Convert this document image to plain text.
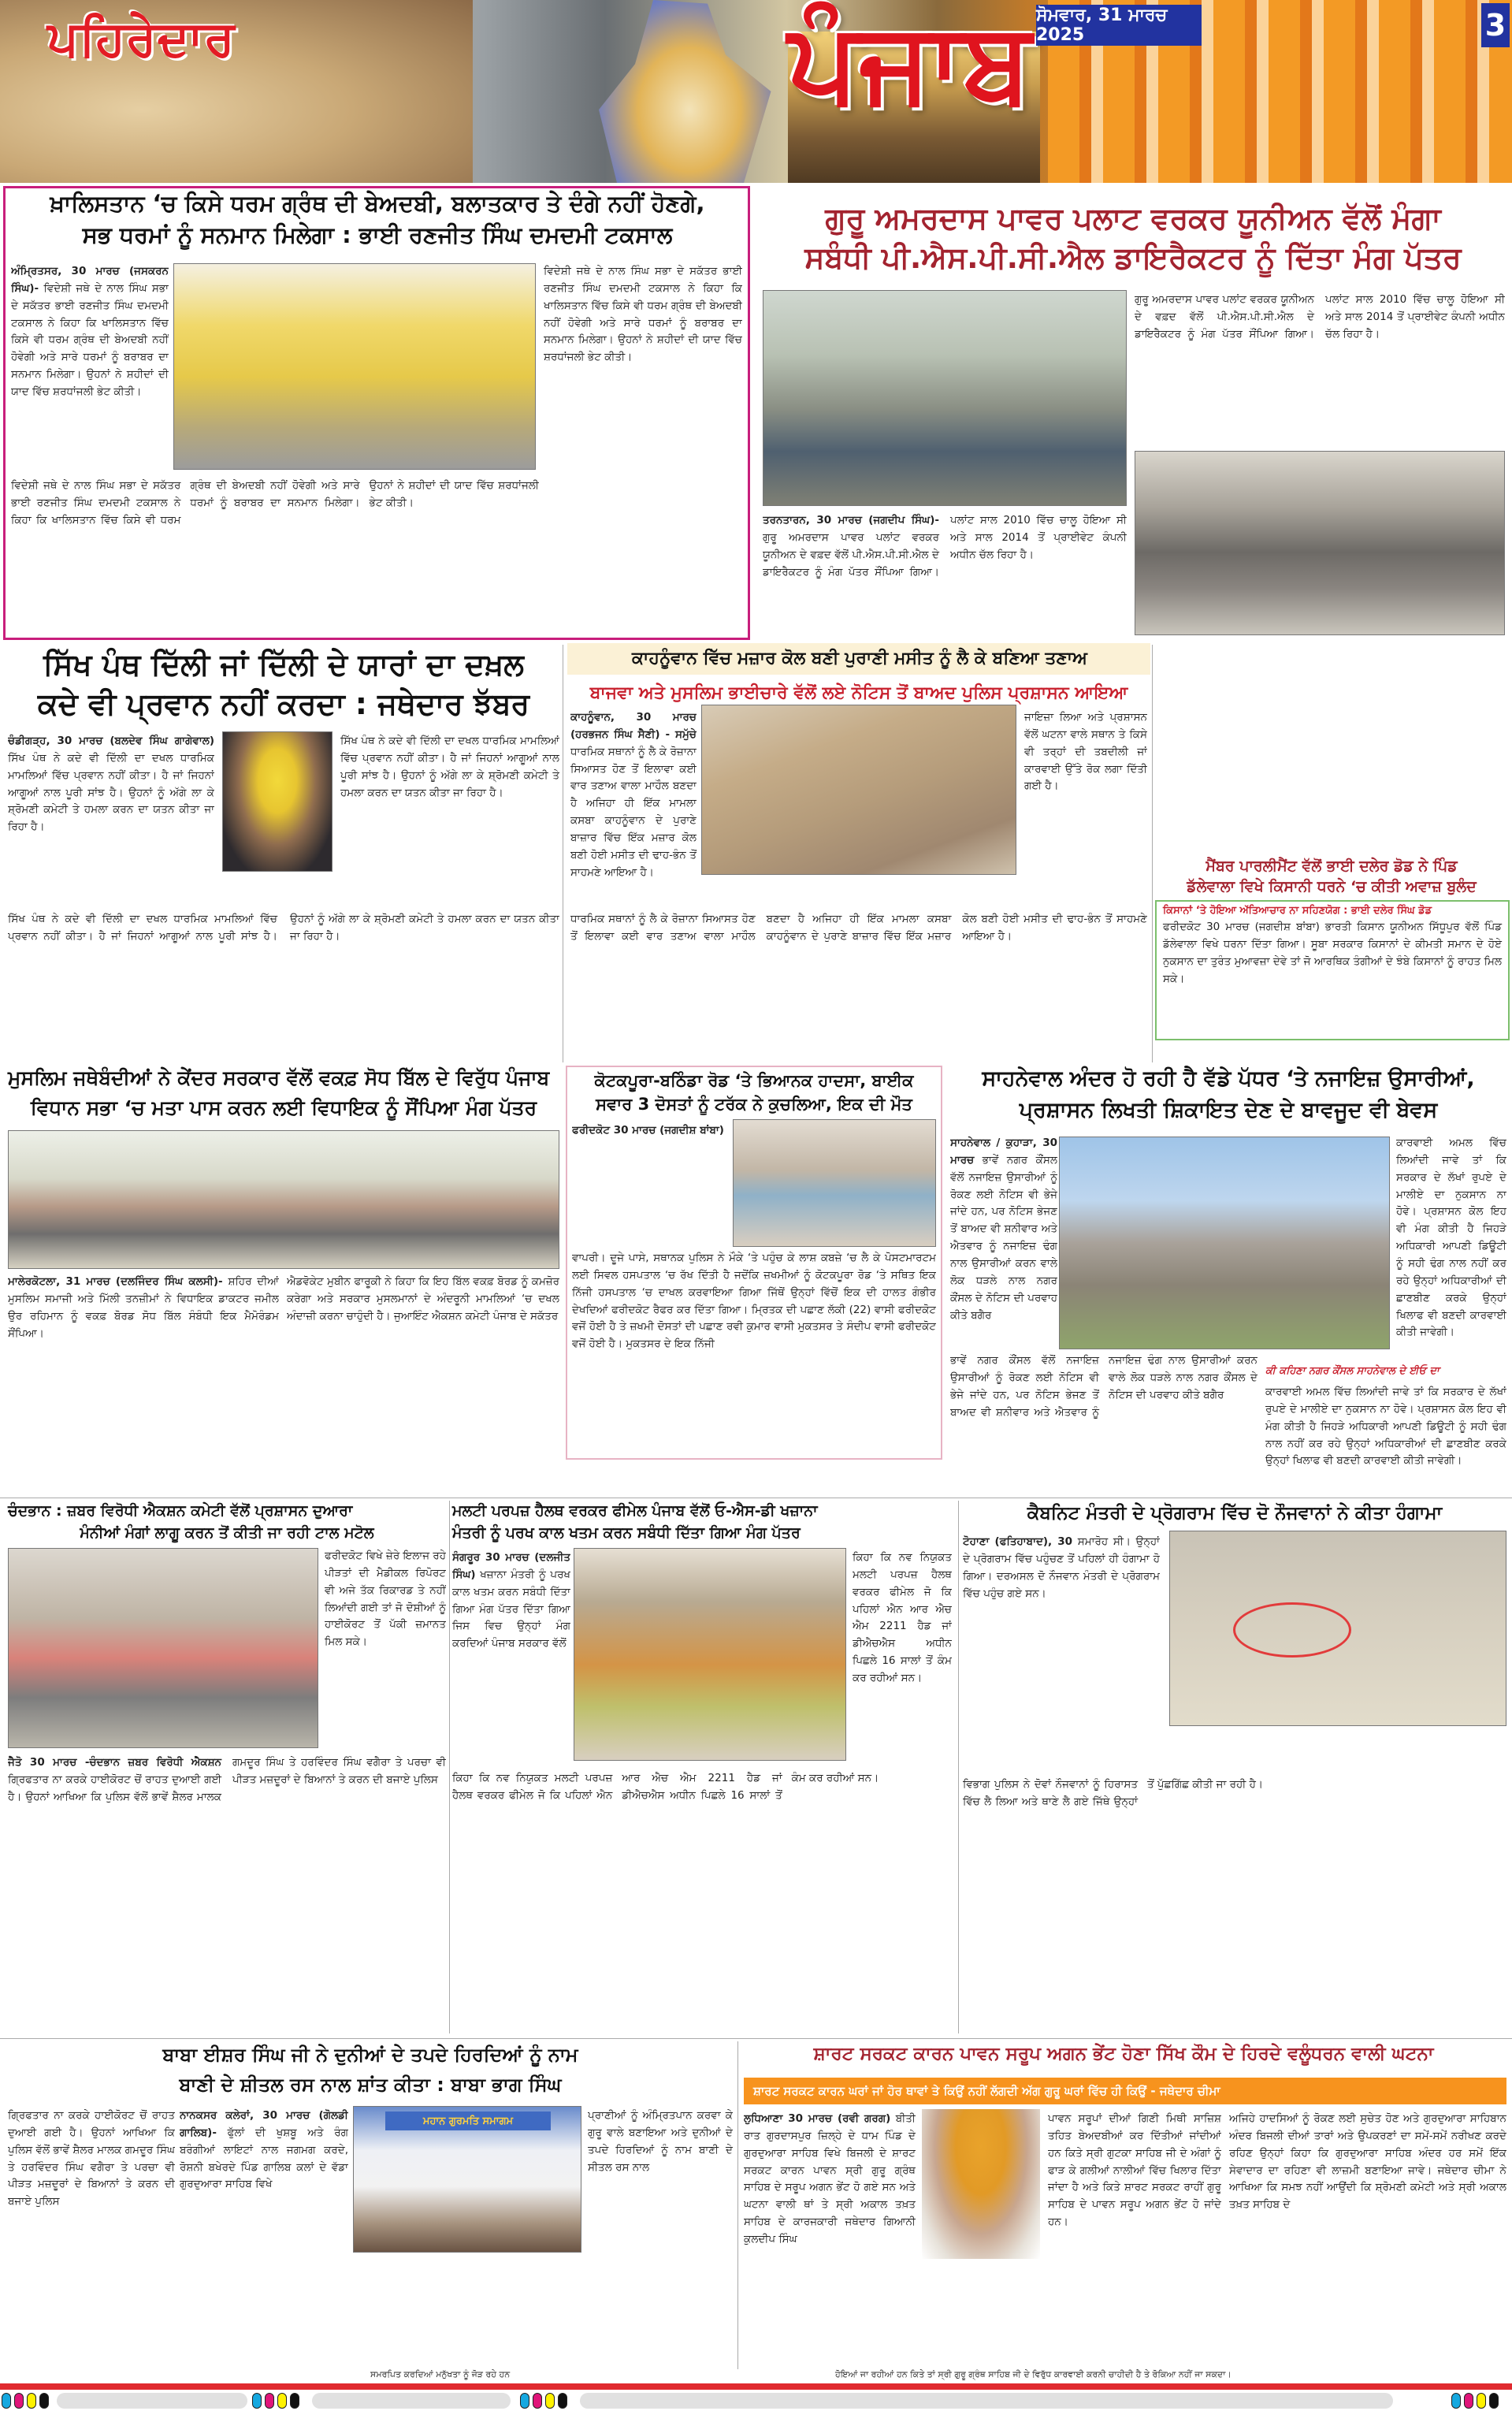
ਪਹਿਰੇਦਾਰ	ਪੰਜਾਬ ਸੋਮਵਾਰ, 31 ਮਾਰਚ 2025	3
ਖ਼ਾਲਿਸਤਾਨ ‘ਚ ਕਿਸੇ ਧਰਮ ਗ੍ਰੰਥ ਦੀ ਬੇਅਦਬੀ, ਬਲਾਤਕਾਰ ਤੇ ਦੰਗੇ ਨਹੀਂ ਹੋਣਗੇ,
ਸਭ ਧਰਮਾਂ ਨੂੰ ਸਨਮਾਨ ਮਿਲੇਗਾ : ਭਾਈ ਰਣਜੀਤ ਸਿੰਘ ਦਮਦਮੀ ਟਕਸਾਲ
ਅੰਮ੍ਰਿਤਸਰ, 30 ਮਾਰਚ (ਜਸਕਰਨ ਸਿੰਘ)- ਵਿਦੇਸ਼ੀ ਜਥੇ ਦੇ ਨਾਲ ਸਿੰਘ ਸਭਾ ਦੇ ਸਕੱਤਰ ਭਾਈ ਰਣਜੀਤ ਸਿੰਘ ਦਮਦਮੀ ਟਕਸਾਲ ਨੇ ਕਿਹਾ ਕਿ ਖਾਲਿਸਤਾਨ ਵਿੱਚ ਕਿਸੇ ਵੀ ਧਰਮ ਗ੍ਰੰਥ ਦੀ ਬੇਅਦਬੀ ਨਹੀਂ ਹੋਵੇਗੀ ਅਤੇ ਸਾਰੇ ਧਰਮਾਂ ਨੂੰ ਬਰਾਬਰ ਦਾ ਸਨਮਾਨ ਮਿਲੇਗਾ। ਉਹਨਾਂ ਨੇ ਸ਼ਹੀਦਾਂ ਦੀ ਯਾਦ ਵਿੱਚ ਸ਼ਰਧਾਂਜਲੀ ਭੇਟ ਕੀਤੀ।
ਵਿਦੇਸ਼ੀ ਜਥੇ ਦੇ ਨਾਲ ਸਿੰਘ ਸਭਾ ਦੇ ਸਕੱਤਰ ਭਾਈ ਰਣਜੀਤ ਸਿੰਘ ਦਮਦਮੀ ਟਕਸਾਲ ਨੇ ਕਿਹਾ ਕਿ ਖਾਲਿਸਤਾਨ ਵਿੱਚ ਕਿਸੇ ਵੀ ਧਰਮ ਗ੍ਰੰਥ ਦੀ ਬੇਅਦਬੀ ਨਹੀਂ ਹੋਵੇਗੀ ਅਤੇ ਸਾਰੇ ਧਰਮਾਂ ਨੂੰ ਬਰਾਬਰ ਦਾ ਸਨਮਾਨ ਮਿਲੇਗਾ। ਉਹਨਾਂ ਨੇ ਸ਼ਹੀਦਾਂ ਦੀ ਯਾਦ ਵਿੱਚ ਸ਼ਰਧਾਂਜਲੀ ਭੇਟ ਕੀਤੀ।
ਵਿਦੇਸ਼ੀ ਜਥੇ ਦੇ ਨਾਲ ਸਿੰਘ ਸਭਾ ਦੇ ਸਕੱਤਰ ਭਾਈ ਰਣਜੀਤ ਸਿੰਘ ਦਮਦਮੀ ਟਕਸਾਲ ਨੇ ਕਿਹਾ ਕਿ ਖਾਲਿਸਤਾਨ ਵਿੱਚ ਕਿਸੇ ਵੀ ਧਰਮ ਗ੍ਰੰਥ ਦੀ ਬੇਅਦਬੀ ਨਹੀਂ ਹੋਵੇਗੀ ਅਤੇ ਸਾਰੇ ਧਰਮਾਂ ਨੂੰ ਬਰਾਬਰ ਦਾ ਸਨਮਾਨ ਮਿਲੇਗਾ। ਉਹਨਾਂ ਨੇ ਸ਼ਹੀਦਾਂ ਦੀ ਯਾਦ ਵਿੱਚ ਸ਼ਰਧਾਂਜਲੀ ਭੇਟ ਕੀਤੀ।
ਗੁਰੂ ਅਮਰਦਾਸ ਪਾਵਰ ਪਲਾਟ ਵਰਕਰ ਯੂਨੀਅਨ ਵੱਲੋਂ ਮੰਗਾ
ਸਬੰਧੀ ਪੀ.ਐਸ.ਪੀ.ਸੀ.ਐਲ ਡਾਇਰੈਕਟਰ ਨੂੰ ਦਿੱਤਾ ਮੰਗ ਪੱਤਰ
ਗੁਰੂ ਅਮਰਦਾਸ ਪਾਵਰ ਪਲਾਂਟ ਵਰਕਰ ਯੂਨੀਅਨ ਦੇ ਵਫ਼ਦ ਵੱਲੋਂ ਪੀ.ਐਸ.ਪੀ.ਸੀ.ਐਲ ਦੇ ਡਾਇਰੈਕਟਰ ਨੂੰ ਮੰਗ ਪੱਤਰ ਸੌਂਪਿਆ ਗਿਆ। ਪਲਾਂਟ ਸਾਲ 2010 ਵਿੱਚ ਚਾਲੂ ਹੋਇਆ ਸੀ ਅਤੇ ਸਾਲ 2014 ਤੋਂ ਪ੍ਰਾਈਵੇਟ ਕੰਪਨੀ ਅਧੀਨ ਚੱਲ ਰਿਹਾ ਹੈ।
ਤਰਨਤਾਰਨ, 30 ਮਾਰਚ (ਜਗਦੀਪ ਸਿੰਘ)- ਗੁਰੂ ਅਮਰਦਾਸ ਪਾਵਰ ਪਲਾਂਟ ਵਰਕਰ ਯੂਨੀਅਨ ਦੇ ਵਫ਼ਦ ਵੱਲੋਂ ਪੀ.ਐਸ.ਪੀ.ਸੀ.ਐਲ ਦੇ ਡਾਇਰੈਕਟਰ ਨੂੰ ਮੰਗ ਪੱਤਰ ਸੌਂਪਿਆ ਗਿਆ। ਪਲਾਂਟ ਸਾਲ 2010 ਵਿੱਚ ਚਾਲੂ ਹੋਇਆ ਸੀ ਅਤੇ ਸਾਲ 2014 ਤੋਂ ਪ੍ਰਾਈਵੇਟ ਕੰਪਨੀ ਅਧੀਨ ਚੱਲ ਰਿਹਾ ਹੈ।
ਸਿੱਖ ਪੰਥ ਦਿੱਲੀ ਜਾਂ ਦਿੱਲੀ ਦੇ ਯਾਰਾਂ ਦਾ ਦਖ਼ਲ
ਕਦੇ ਵੀ ਪ੍ਰਵਾਨ ਨਹੀਂ ਕਰਦਾ : ਜਥੇਦਾਰ ਝੱਬਰ
ਚੰਡੀਗੜ੍ਹ, 30 ਮਾਰਚ (ਬਲਦੇਵ ਸਿੰਘ ਗਾਗੇਵਾਲ) ਸਿੱਖ ਪੰਥ ਨੇ ਕਦੇ ਵੀ ਦਿੱਲੀ ਦਾ ਦਖਲ ਧਾਰਮਿਕ ਮਾਮਲਿਆਂ ਵਿੱਚ ਪ੍ਰਵਾਨ ਨਹੀਂ ਕੀਤਾ। ਹੈ ਜਾਂ ਜਿਹਨਾਂ ਆਗੂਆਂ ਨਾਲ ਪੂਰੀ ਸਾਂਝ ਹੈ। ਉਹਨਾਂ ਨੂੰ ਅੱਗੇ ਲਾ ਕੇ ਸ਼੍ਰੋਮਣੀ ਕਮੇਟੀ ਤੇ ਹਮਲਾ ਕਰਨ ਦਾ ਯਤਨ ਕੀਤਾ ਜਾ ਰਿਹਾ ਹੈ।
ਸਿੱਖ ਪੰਥ ਨੇ ਕਦੇ ਵੀ ਦਿੱਲੀ ਦਾ ਦਖਲ ਧਾਰਮਿਕ ਮਾਮਲਿਆਂ ਵਿੱਚ ਪ੍ਰਵਾਨ ਨਹੀਂ ਕੀਤਾ। ਹੈ ਜਾਂ ਜਿਹਨਾਂ ਆਗੂਆਂ ਨਾਲ ਪੂਰੀ ਸਾਂਝ ਹੈ। ਉਹਨਾਂ ਨੂੰ ਅੱਗੇ ਲਾ ਕੇ ਸ਼੍ਰੋਮਣੀ ਕਮੇਟੀ ਤੇ ਹਮਲਾ ਕਰਨ ਦਾ ਯਤਨ ਕੀਤਾ ਜਾ ਰਿਹਾ ਹੈ।
ਸਿੱਖ ਪੰਥ ਨੇ ਕਦੇ ਵੀ ਦਿੱਲੀ ਦਾ ਦਖਲ ਧਾਰਮਿਕ ਮਾਮਲਿਆਂ ਵਿੱਚ ਪ੍ਰਵਾਨ ਨਹੀਂ ਕੀਤਾ। ਹੈ ਜਾਂ ਜਿਹਨਾਂ ਆਗੂਆਂ ਨਾਲ ਪੂਰੀ ਸਾਂਝ ਹੈ। ਉਹਨਾਂ ਨੂੰ ਅੱਗੇ ਲਾ ਕੇ ਸ਼੍ਰੋਮਣੀ ਕਮੇਟੀ ਤੇ ਹਮਲਾ ਕਰਨ ਦਾ ਯਤਨ ਕੀਤਾ ਜਾ ਰਿਹਾ ਹੈ।
ਕਾਹਨੂੰਵਾਨ ਵਿੱਚ ਮਜ਼ਾਰ ਕੋਲ ਬਣੀ ਪੁਰਾਣੀ ਮਸੀਤ ਨੂੰ ਲੈ ਕੇ ਬਣਿਆ ਤਣਾਅ
ਬਾਜਵਾ ਅਤੇ ਮੁਸਲਿਮ ਭਾਈਚਾਰੇ ਵੱਲੋਂ ਲਏ ਨੋਟਿਸ ਤੋਂ ਬਾਅਦ ਪੁਲਿਸ ਪ੍ਰਸ਼ਾਸਨ ਆਇਆ
ਕਾਹਨੂੰਵਾਨ, 30 ਮਾਰਚ (ਹਰਭਜਨ ਸਿੰਘ ਸੈਣੀ) - ਸਮੁੱਚੇ ਧਾਰਮਿਕ ਸਥਾਨਾਂ ਨੂੰ ਲੈ ਕੇ ਰੋਜ਼ਾਨਾ ਸਿਆਸਤ ਹੋਣ ਤੋਂ ਇਲਾਵਾ ਕਈ ਵਾਰ ਤਣਾਅ ਵਾਲਾ ਮਾਹੌਲ ਬਣਦਾ ਹੈ ਅਜਿਹਾ ਹੀ ਇੱਕ ਮਾਮਲਾ ਕਸਬਾ ਕਾਹਨੂੰਵਾਨ ਦੇ ਪੁਰਾਣੇ ਬਾਜ਼ਾਰ ਵਿੱਚ ਇੱਕ ਮਜ਼ਾਰ ਕੋਲ ਬਣੀ ਹੋਈ ਮਸੀਤ ਦੀ ਢਾਹ-ਭੰਨ ਤੋਂ ਸਾਹਮਣੇ ਆਇਆ ਹੈ।
ਜਾਇਜ਼ਾ ਲਿਆ ਅਤੇ ਪ੍ਰਸ਼ਾਸਨ ਵੱਲੋਂ ਘਟਨਾ ਵਾਲੇ ਸਥਾਨ ਤੇ ਕਿਸੇ ਵੀ ਤਰ੍ਹਾਂ ਦੀ ਤਬਦੀਲੀ ਜਾਂ ਕਾਰਵਾਈ ਉੱਤੇ ਰੋਕ ਲਗਾ ਦਿੱਤੀ ਗਈ ਹੈ।
ਧਾਰਮਿਕ ਸਥਾਨਾਂ ਨੂੰ ਲੈ ਕੇ ਰੋਜ਼ਾਨਾ ਸਿਆਸਤ ਹੋਣ ਤੋਂ ਇਲਾਵਾ ਕਈ ਵਾਰ ਤਣਾਅ ਵਾਲਾ ਮਾਹੌਲ ਬਣਦਾ ਹੈ ਅਜਿਹਾ ਹੀ ਇੱਕ ਮਾਮਲਾ ਕਸਬਾ ਕਾਹਨੂੰਵਾਨ ਦੇ ਪੁਰਾਣੇ ਬਾਜ਼ਾਰ ਵਿੱਚ ਇੱਕ ਮਜ਼ਾਰ ਕੋਲ ਬਣੀ ਹੋਈ ਮਸੀਤ ਦੀ ਢਾਹ-ਭੰਨ ਤੋਂ ਸਾਹਮਣੇ ਆਇਆ ਹੈ।
ਮੈਂਬਰ ਪਾਰਲੀਮੈਂਟ ਵੱਲੋਂ ਭਾਈ ਦਲੇਰ ਡੋਡ ਨੇ ਪਿੰਡ
ਡੱਲੇਵਾਲਾ ਵਿਖੇ ਕਿਸਾਨੀ ਧਰਨੇ ‘ਚ ਕੀਤੀ ਅਵਾਜ਼ ਬੁਲੰਦ
ਕਿਸਾਨਾਂ ‘ਤੇ ਹੋਇਆ ਅੱਤਿਆਚਾਰ ਨਾ ਸਹਿਣਯੋਗ : ਭਾਈ ਦਲੇਰ ਸਿੰਘ ਡੋਡ
ਫਰੀਦਕੋਟ 30 ਮਾਰਚ (ਜਗਦੀਸ਼ ਬਾਂਬਾ) ਭਾਰਤੀ ਕਿਸਾਨ ਯੂਨੀਅਨ ਸਿੱਧੂਪੁਰ ਵੱਲੋਂ ਪਿੰਡ ਡੱਲੇਵਾਲਾ ਵਿਖੇ ਧਰਨਾ ਦਿੱਤਾ ਗਿਆ। ਸੂਬਾ ਸਰਕਾਰ ਕਿਸਾਨਾਂ ਦੇ ਕੀਮਤੀ ਸਮਾਨ ਦੇ ਹੋਏ ਨੁਕਸਾਨ ਦਾ ਤੁਰੰਤ ਮੁਆਵਜ਼ਾ ਦੇਵੇ ਤਾਂ ਜੋ ਆਰਥਿਕ ਤੰਗੀਆਂ ਦੇ ਝੰਬੇ ਕਿਸਾਨਾਂ ਨੂੰ ਰਾਹਤ ਮਿਲ ਸਕੇ।
ਮੁਸਲਿਮ ਜਥੇਬੰਦੀਆਂ ਨੇ ਕੇਂਦਰ ਸਰਕਾਰ ਵੱਲੋਂ ਵਕਫ਼ ਸੋਧ ਬਿੱਲ ਦੇ ਵਿਰੁੱਧ ਪੰਜਾਬ
ਵਿਧਾਨ ਸਭਾ ‘ਚ ਮਤਾ ਪਾਸ ਕਰਨ ਲਈ ਵਿਧਾਇਕ ਨੂੰ ਸੌਂਪਿਆ ਮੰਗ ਪੱਤਰ
ਮਾਲੇਰਕੋਟਲਾ, 31 ਮਾਰਚ (ਦਲਜਿੰਦਰ ਸਿੰਘ ਕਲਸੀ)- ਸ਼ਹਿਰ ਦੀਆਂ ਮੁਸਲਿਮ ਸਮਾਜੀ ਅਤੇ ਮਿੱਲੀ ਤਨਜ਼ੀਮਾਂ ਨੇ ਵਿਧਾਇਕ ਡਾਕਟਰ ਜਮੀਲ ਉਰ ਰਹਿਮਾਨ ਨੂੰ ਵਕਫ਼ ਬੋਰਡ ਸੋਧ ਬਿੱਲ ਸੰਬੰਧੀ ਇਕ ਮੈਮੋਰੰਡਮ ਸੌਂਪਿਆ।
ਐਡਵੋਕੇਟ ਮੁਬੀਨ ਫਾਰੂਕੀ ਨੇ ਕਿਹਾ ਕਿ ਇਹ ਬਿੱਲ ਵਕਫ਼ ਬੋਰਡ ਨੂੰ ਕਮਜ਼ੋਰ ਕਰੇਗਾ ਅਤੇ ਸਰਕਾਰ ਮੁਸਲਮਾਨਾਂ ਦੇ ਅੰਦਰੂਨੀ ਮਾਮਲਿਆਂ ‘ਚ ਦਖਲ ਅੰਦਾਜ਼ੀ ਕਰਨਾ ਚਾਹੁੰਦੀ ਹੈ। ਜੁਆਇੰਟ ਐਕਸ਼ਨ ਕਮੇਟੀ ਪੰਜਾਬ ਦੇ ਸਕੱਤਰ
ਕੋਟਕਪੂਰਾ-ਬਠਿੰਡਾ ਰੋਡ ‘ਤੇ ਭਿਆਨਕ ਹਾਦਸਾ, ਬਾਈਕ
ਸਵਾਰ 3 ਦੋਸਤਾਂ ਨੂੰ ਟਰੱਕ ਨੇ ਕੁਚਲਿਆ, ਇਕ ਦੀ ਮੌਤ
ਫਰੀਦਕੋਟ 30 ਮਾਰਚ (ਜਗਦੀਸ਼ ਬਾਂਬਾ)
ਵਾਪਰੀ। ਦੂਜੇ ਪਾਸੇ, ਸਥਾਨਕ ਪੁਲਿਸ ਨੇ ਮੌਕੇ ‘ਤੇ ਪਹੁੰਚ ਕੇ ਲਾਸ਼ ਕਬਜ਼ੇ ‘ਚ ਲੈ ਕੇ ਪੋਸਟਮਾਰਟਮ ਲਈ ਸਿਵਲ ਹਸਪਤਾਲ ‘ਚ ਰੱਖ ਦਿੱਤੀ ਹੈ ਜਦੋਂਕਿ ਜ਼ਖਮੀਆਂ ਨੂੰ ਕੋਟਕਪੂਰਾ ਰੋਡ ‘ਤੇ ਸਥਿਤ ਇਕ ਨਿੱਜੀ ਹਸਪਤਾਲ ‘ਚ ਦਾਖਲ ਕਰਵਾਇਆ ਗਿਆ ਜਿੱਥੋਂ ਉਨ੍ਹਾਂ ਵਿੱਚੋਂ ਇਕ ਦੀ ਹਾਲਤ ਗੰਭੀਰ ਦੇਖਦਿਆਂ ਫਰੀਦਕੋਟ ਰੈਫਰ ਕਰ ਦਿੱਤਾ ਗਿਆ। ਮ੍ਰਿਤਕ ਦੀ ਪਛਾਣ ਲੱਕੀ (22) ਵਾਸੀ ਫਰੀਦਕੋਟ ਵਜੋਂ ਹੋਈ ਹੈ ਤੇ ਜ਼ਖਮੀ ਦੋਸਤਾਂ ਦੀ ਪਛਾਣ ਰਵੀ ਕੁਮਾਰ ਵਾਸੀ ਮੁਕਤਸਰ ਤੇ ਸੰਦੀਪ ਵਾਸੀ ਫਰੀਦਕੋਟ ਵਜੋਂ ਹੋਈ ਹੈ। ਮੁਕਤਸਰ ਦੇ ਇਕ ਨਿੱਜੀ
ਸਾਹਨੇਵਾਲ ਅੰਦਰ ਹੋ ਰਹੀ ਹੈ ਵੱਡੇ ਪੱਧਰ ‘ਤੇ ਨਜਾਇਜ਼ ਉਸਾਰੀਆਂ,
ਪ੍ਰਸ਼ਾਸਨ ਲਿਖਤੀ ਸ਼ਿਕਾਇਤ ਦੇਣ ਦੇ ਬਾਵਜੂਦ ਵੀ ਬੇਵਸ
ਸਾਹਨੇਵਾਲ / ਕੁਹਾੜਾ, 30 ਮਾਰਚ ਭਾਵੇਂ ਨਗਰ ਕੌਂਸਲ ਵੱਲੋਂ ਨਜਾਇਜ਼ ਉਸਾਰੀਆਂ ਨੂੰ ਰੋਕਣ ਲਈ ਨੋਟਿਸ ਵੀ ਭੇਜੇ ਜਾਂਦੇ ਹਨ, ਪਰ ਨੋਟਿਸ ਭੇਜਣ ਤੋਂ ਬਾਅਦ ਵੀ ਸ਼ਨੀਵਾਰ ਅਤੇ ਐਤਵਾਰ ਨੂੰ ਨਜਾਇਜ਼ ਢੰਗ ਨਾਲ ਉਸਾਰੀਆਂ ਕਰਨ ਵਾਲੇ ਲੋਕ ਧੜਲੇ ਨਾਲ ਨਗਰ ਕੌਂਸਲ ਦੇ ਨੋਟਿਸ ਦੀ ਪਰਵਾਹ ਕੀਤੇ ਬਗੈਰ
ਕਾਰਵਾਈ ਅਮਲ ਵਿੱਚ ਲਿਆਂਦੀ ਜਾਵੇ ਤਾਂ ਕਿ ਸਰਕਾਰ ਦੇ ਲੱਖਾਂ ਰੁਪਏ ਦੇ ਮਾਲੀਏ ਦਾ ਨੁਕਸਾਨ ਨਾ ਹੋਵੇ। ਪ੍ਰਸ਼ਾਸਨ ਕੋਲ ਇਹ ਵੀ ਮੰਗ ਕੀਤੀ ਹੈ ਜਿਹੜੇ ਅਧਿਕਾਰੀ ਆਪਣੀ ਡਿਊਟੀ ਨੂੰ ਸਹੀ ਢੰਗ ਨਾਲ ਨਹੀਂ ਕਰ ਰਹੇ ਉਨ੍ਹਾਂ ਅਧਿਕਾਰੀਆਂ ਦੀ ਛਾਣਬੀਣ ਕਰਕੇ ਉਨ੍ਹਾਂ ਖਿਲਾਫ ਵੀ ਬਣਦੀ ਕਾਰਵਾਈ ਕੀਤੀ ਜਾਵੇਗੀ।
ਭਾਵੇਂ ਨਗਰ ਕੌਂਸਲ ਵੱਲੋਂ ਨਜਾਇਜ਼ ਉਸਾਰੀਆਂ ਨੂੰ ਰੋਕਣ ਲਈ ਨੋਟਿਸ ਵੀ ਭੇਜੇ ਜਾਂਦੇ ਹਨ, ਪਰ ਨੋਟਿਸ ਭੇਜਣ ਤੋਂ ਬਾਅਦ ਵੀ ਸ਼ਨੀਵਾਰ ਅਤੇ ਐਤਵਾਰ ਨੂੰ ਨਜਾਇਜ਼ ਢੰਗ ਨਾਲ ਉਸਾਰੀਆਂ ਕਰਨ ਵਾਲੇ ਲੋਕ ਧੜਲੇ ਨਾਲ ਨਗਰ ਕੌਂਸਲ ਦੇ ਨੋਟਿਸ ਦੀ ਪਰਵਾਹ ਕੀਤੇ ਬਗੈਰ
ਕੀ ਕਹਿਣਾ ਨਗਰ ਕੌਂਸਲ ਸਾਹਨੇਵਾਲ ਦੇ ਈਓ ਦਾ
ਕਾਰਵਾਈ ਅਮਲ ਵਿੱਚ ਲਿਆਂਦੀ ਜਾਵੇ ਤਾਂ ਕਿ ਸਰਕਾਰ ਦੇ ਲੱਖਾਂ ਰੁਪਏ ਦੇ ਮਾਲੀਏ ਦਾ ਨੁਕਸਾਨ ਨਾ ਹੋਵੇ। ਪ੍ਰਸ਼ਾਸਨ ਕੋਲ ਇਹ ਵੀ ਮੰਗ ਕੀਤੀ ਹੈ ਜਿਹੜੇ ਅਧਿਕਾਰੀ ਆਪਣੀ ਡਿਊਟੀ ਨੂੰ ਸਹੀ ਢੰਗ ਨਾਲ ਨਹੀਂ ਕਰ ਰਹੇ ਉਨ੍ਹਾਂ ਅਧਿਕਾਰੀਆਂ ਦੀ ਛਾਣਬੀਣ ਕਰਕੇ ਉਨ੍ਹਾਂ ਖਿਲਾਫ ਵੀ ਬਣਦੀ ਕਾਰਵਾਈ ਕੀਤੀ ਜਾਵੇਗੀ।
ਚੰਦਭਾਨ : ਜ਼ਬਰ ਵਿਰੋਧੀ ਐਕਸ਼ਨ ਕਮੇਟੀ ਵੱਲੋਂ ਪ੍ਰਸ਼ਾਸਨ ਦੁਆਰਾ
ਮੰਨੀਆਂ ਮੰਗਾਂ ਲਾਗੂ ਕਰਨ ਤੋਂ ਕੀਤੀ ਜਾ ਰਹੀ ਟਾਲ ਮਟੋਲ
ਫਰੀਦਕੋਟ ਵਿਖੇ ਜ਼ੇਰੇ ਇਲਾਜ ਰਹੇ ਪੀੜਤਾਂ ਦੀ ਮੈਡੀਕਲ ਰਿਪੋਰਟ ਵੀ ਅਜੇ ਤੱਕ ਰਿਕਾਰਡ ਤੇ ਨਹੀਂ ਲਿਆਂਦੀ ਗਈ ਤਾਂ ਜੋ ਦੋਸ਼ੀਆਂ ਨੂੰ ਹਾਈਕੋਰਟ ਤੋਂ ਪੱਕੀ ਜ਼ਮਾਨਤ ਮਿਲ ਸਕੇ।
ਜੈਤੋ 30 ਮਾਰਚ -ਚੰਦਭਾਨ ਜ਼ਬਰ ਵਿਰੋਧੀ ਐਕਸ਼ਨ ਗ੍ਰਿਫਤਾਰ ਨਾ ਕਰਕੇ ਹਾਈਕੋਰਟ ਚੋਂ ਰਾਹਤ ਦੁਆਈ ਗਈ ਹੈ। ਉਹਨਾਂ ਆਖਿਆ ਕਿ ਪੁਲਿਸ ਵੱਲੋਂ ਭਾਵੇਂ ਸ਼ੈਲਰ ਮਾਲਕ ਗਮਦੂਰ ਸਿੰਘ ਤੇ ਹਰਵਿੰਦਰ ਸਿੰਘ ਵਗੈਰਾ ਤੇ ਪਰਚਾ ਵੀ ਪੀੜਤ ਮਜ਼ਦੂਰਾਂ ਦੇ ਬਿਆਨਾਂ ਤੇ ਕਰਨ ਦੀ ਬਜਾਏ ਪੁਲਿਸ
ਮਲਟੀ ਪਰਪਜ਼ ਹੈਲਥ ਵਰਕਰ ਫੀਮੇਲ ਪੰਜਾਬ ਵੱਲੋਂ ਓ-ਐਸ-ਡੀ ਖਜ਼ਾਨਾ
ਮੰਤਰੀ ਨੂੰ ਪਰਖ ਕਾਲ ਖਤਮ ਕਰਨ ਸਬੰਧੀ ਦਿੱਤਾ ਗਿਆ ਮੰਗ ਪੱਤਰ
ਸੰਗਰੂਰ 30 ਮਾਰਚ (ਦਲਜੀਤ ਸਿੰਘ) ਖਜ਼ਾਨਾ ਮੰਤਰੀ ਨੂੰ ਪਰਖ ਕਾਲ ਖਤਮ ਕਰਨ ਸਬੰਧੀ ਦਿੱਤਾ ਗਿਆ ਮੰਗ ਪੱਤਰ ਦਿੱਤਾ ਗਿਆ ਜਿਸ ਵਿਚ ਉਨ੍ਹਾਂ ਮੰਗ ਕਰਦਿਆਂ ਪੰਜਾਬ ਸਰਕਾਰ ਵੱਲੋਂ
ਕਿਹਾ ਕਿ ਨਵ ਨਿਯੁਕਤ ਮਲਟੀ ਪਰਪਜ਼ ਹੈਲਥ ਵਰਕਰ ਫੀਮੇਲ ਜੋ ਕਿ ਪਹਿਲਾਂ ਐਨ ਆਰ ਐਚ ਐਮ 2211 ਹੈਡ ਜਾਂ ਡੀਐਚਐਸ ਅਧੀਨ ਪਿਛਲੇ 16 ਸਾਲਾਂ ਤੋਂ ਕੰਮ ਕਰ ਰਹੀਆਂ ਸਨ।
ਕਿਹਾ ਕਿ ਨਵ ਨਿਯੁਕਤ ਮਲਟੀ ਪਰਪਜ਼ ਹੈਲਥ ਵਰਕਰ ਫੀਮੇਲ ਜੋ ਕਿ ਪਹਿਲਾਂ ਐਨ ਆਰ ਐਚ ਐਮ 2211 ਹੈਡ ਜਾਂ ਡੀਐਚਐਸ ਅਧੀਨ ਪਿਛਲੇ 16 ਸਾਲਾਂ ਤੋਂ ਕੰਮ ਕਰ ਰਹੀਆਂ ਸਨ।
ਕੈਬਨਿਟ ਮੰਤਰੀ ਦੇ ਪ੍ਰੋਗਰਾਮ ਵਿੱਚ ਦੋ ਨੌਜਵਾਨਾਂ ਨੇ ਕੀਤਾ ਹੰਗਾਮਾ
ਟੋਹਾਣਾ (ਫਤਿਹਾਬਾਦ), 30 ਸਮਾਰੋਹ ਸੀ। ਉਨ੍ਹਾਂ ਦੇ ਪ੍ਰੋਗਰਾਮ ਵਿੱਚ ਪਹੁੰਚਣ ਤੋਂ ਪਹਿਲਾਂ ਹੀ ਹੰਗਾਮਾ ਹੋ ਗਿਆ। ਦਰਅਸਲ ਦੋ ਨੌਜਵਾਨ ਮੰਤਰੀ ਦੇ ਪ੍ਰੋਗਰਾਮ ਵਿੱਚ ਪਹੁੰਚ ਗਏ ਸਨ।
ਵਿਭਾਗ ਪੁਲਿਸ ਨੇ ਦੋਵਾਂ ਨੌਜਵਾਨਾਂ ਨੂੰ ਹਿਰਾਸਤ ਵਿੱਚ ਲੈ ਲਿਆ ਅਤੇ ਥਾਣੇ ਲੈ ਗਏ ਜਿੱਥੇ ਉਨ੍ਹਾਂ ਤੋਂ ਪੁੱਛਗਿੱਛ ਕੀਤੀ ਜਾ ਰਹੀ ਹੈ।
ਬਾਬਾ ਈਸ਼ਰ ਸਿੰਘ ਜੀ ਨੇ ਦੁਨੀਆਂ ਦੇ ਤਪਦੇ ਹਿਰਦਿਆਂ ਨੂੰ ਨਾਮ
ਬਾਣੀ ਦੇ ਸ਼ੀਤਲ ਰਸ ਨਾਲ ਸ਼ਾਂਤ ਕੀਤਾ : ਬਾਬਾ ਭਾਗ ਸਿੰਘ
ਗ੍ਰਿਫਤਾਰ ਨਾ ਕਰਕੇ ਹਾਈਕੋਰਟ ਚੋਂ ਰਾਹਤ ਦੁਆਈ ਗਈ ਹੈ। ਉਹਨਾਂ ਆਖਿਆ ਕਿ ਪੁਲਿਸ ਵੱਲੋਂ ਭਾਵੇਂ ਸ਼ੈਲਰ ਮਾਲਕ ਗਮਦੂਰ ਸਿੰਘ ਤੇ ਹਰਵਿੰਦਰ ਸਿੰਘ ਵਗੈਰਾ ਤੇ ਪਰਚਾ ਵੀ ਪੀੜਤ ਮਜ਼ਦੂਰਾਂ ਦੇ ਬਿਆਨਾਂ ਤੇ ਕਰਨ ਦੀ ਬਜਾਏ ਪੁਲਿਸ
ਨਾਨਕਸਰ ਕਲੇਰਾਂ, 30 ਮਾਰਚ (ਗੋਲਡੀ ਗਾਲਿਬ)- ਫੁੱਲਾਂ ਦੀ ਖੁਸ਼ਬੂ ਅਤੇ ਰੰਗ ਬਰੰਗੀਆਂ ਲਾਇਟਾਂ ਨਾਲ ਜਗਮਗ ਕਰਦੇ, ਰੋਸ਼ਨੀ ਬਖੇਰਦੇ ਪਿੰਡ ਗਾਲਿਬ ਕਲਾਂ ਦੇ ਵੱਡਾ ਗੁਰਦੁਆਰਾ ਸਾਹਿਬ ਵਿਖੇ
ਮਹਾਨ ਗੁਰਮਤਿ ਸਮਾਗਮ	ਪ੍ਰਾਣੀਆਂ ਨੂੰ ਅੰਮ੍ਰਿਤਪਾਨ ਕਰਵਾ ਕੇ ਗੁਰੂ ਵਾਲੇ ਬਣਾਇਆ ਅਤੇ ਦੁਨੀਆਂ ਦੇ ਤਪਦੇ ਹਿਰਦਿਆਂ ਨੂੰ ਨਾਮ ਬਾਣੀ ਦੇ ਸੀਤਲ ਰਸ ਨਾਲ
ਸ਼ਾਰਟ ਸਰਕਟ ਕਾਰਨ ਪਾਵਨ ਸਰੂਪ ਅਗਨ ਭੇਂਟ ਹੋਣਾ ਸਿੱਖ ਕੌਮ ਦੇ ਹਿਰਦੇ ਵਲੂੰਧਰਨ ਵਾਲੀ ਘਟਨਾ
ਸ਼ਾਰਟ ਸਰਕਟ ਕਾਰਨ ਘਰਾਂ ਜਾਂ ਹੋਰ ਥਾਵਾਂ ਤੇ ਕਿਉਂ ਨਹੀਂ ਲੱਗਦੀ ਅੱਗ ਗੁਰੂ ਘਰਾਂ ਵਿੱਚ ਹੀ ਕਿਉਂ - ਜਥੇਦਾਰ ਚੀਮਾ
ਲੁਧਿਆਣਾ 30 ਮਾਰਚ (ਰਵੀ ਗਰਗ) ਬੀਤੀ ਰਾਤ ਗੁਰਦਾਸਪੁਰ ਜ਼ਿਲ੍ਹੇ ਦੇ ਧਾਮ ਪਿੰਡ ਦੇ ਗੁਰਦੁਆਰਾ ਸਾਹਿਬ ਵਿਖੇ ਬਿਜਲੀ ਦੇ ਸ਼ਾਰਟ ਸਰਕਟ ਕਾਰਨ ਪਾਵਨ ਸ੍ਰੀ ਗੁਰੂ ਗ੍ਰੰਥ ਸਾਹਿਬ ਦੇ ਸਰੂਪ ਅਗਨ ਭੇਂਟ ਹੋ ਗਏ ਸਨ ਅਤੇ ਘਟਨਾ ਵਾਲੀ ਥਾਂ ਤੇ ਸ੍ਰੀ ਅਕਾਲ ਤਖ਼ਤ ਸਾਹਿਬ ਦੇ ਕਾਰਜਕਾਰੀ ਜਥੇਦਾਰ ਗਿਆਨੀ ਕੁਲਦੀਪ ਸਿੰਘ
ਪਾਵਨ ਸਰੂਪਾਂ ਦੀਆਂ ਗਿਣੀ ਮਿਥੀ ਸਾਜ਼ਿਸ਼ ਤਹਿਤ ਬੇਅਦਬੀਆਂ ਕਰ ਦਿੱਤੀਆਂ ਜਾਂਦੀਆਂ ਹਨ ਕਿਤੇ ਸ੍ਰੀ ਗੁਟਕਾ ਸਾਹਿਬ ਜੀ ਦੇ ਅੰਗਾਂ ਨੂੰ ਫਾੜ ਕੇ ਗਲੀਆਂ ਨਾਲੀਆਂ ਵਿੱਚ ਖਿਲਾਰ ਦਿੱਤਾ ਜਾਂਦਾ ਹੈ ਅਤੇ ਕਿਤੇ ਸ਼ਾਰਟ ਸਰਕਟ ਰਾਹੀਂ ਗੁਰੂ ਸਾਹਿਬ ਦੇ ਪਾਵਨ ਸਰੂਪ ਅਗਨ ਭੇਂਟ ਹੋ ਜਾਂਦੇ ਹਨ।
ਅਜਿਹੇ ਹਾਦਸਿਆਂ ਨੂੰ ਰੋਕਣ ਲਈ ਸੁਚੇਤ ਹੋਣ ਅਤੇ ਗੁਰਦੁਆਰਾ ਸਾਹਿਬਾਨ ਅੰਦਰ ਬਿਜਲੀ ਦੀਆਂ ਤਾਰਾਂ ਅਤੇ ਉਪਕਰਣਾਂ ਦਾ ਸਮੇਂ-ਸਮੇਂ ਨਰੀਖਣ ਕਰਦੇ ਰਹਿਣ ਉਨ੍ਹਾਂ ਕਿਹਾ ਕਿ ਗੁਰਦੁਆਰਾ ਸਾਹਿਬ ਅੰਦਰ ਹਰ ਸਮੇਂ ਇੱਕ ਸੇਵਾਦਾਰ ਦਾ ਰਹਿਣਾ ਵੀ ਲਾਜ਼ਮੀ ਬਣਾਇਆ ਜਾਵੇ। ਜਥੇਦਾਰ ਚੀਮਾ ਨੇ ਆਖਿਆ ਕਿ ਸਮਝ ਨਹੀਂ ਆਉਂਦੀ ਕਿ ਸ਼੍ਰੋਮਣੀ ਕਮੇਟੀ ਅਤੇ ਸ੍ਰੀ ਅਕਾਲ ਤਖ਼ਤ ਸਾਹਿਬ ਦੇ
ਸਮਰਪਿਤ ਕਰਦਿਆਂ ਮਨੁੱਖਤਾ ਨੂੰ ਜੋੜ ਰਹੇ ਹਨ	ਹੋਇਆਂ ਜਾ ਰਹੀਆਂ ਹਨ ਕਿਤੇ ਤਾਂ ਸ੍ਰੀ ਗੁਰੂ ਗ੍ਰੰਥ ਸਾਹਿਬ ਜੀ ਦੇ ਵਿਰੁੱਧ ਕਾਰਵਾਈ ਕਰਨੀ ਚਾਹੀਦੀ ਹੈ ਤੇ ਰੋਕਿਆ ਨਹੀਂ ਜਾ ਸਕਦਾ।
